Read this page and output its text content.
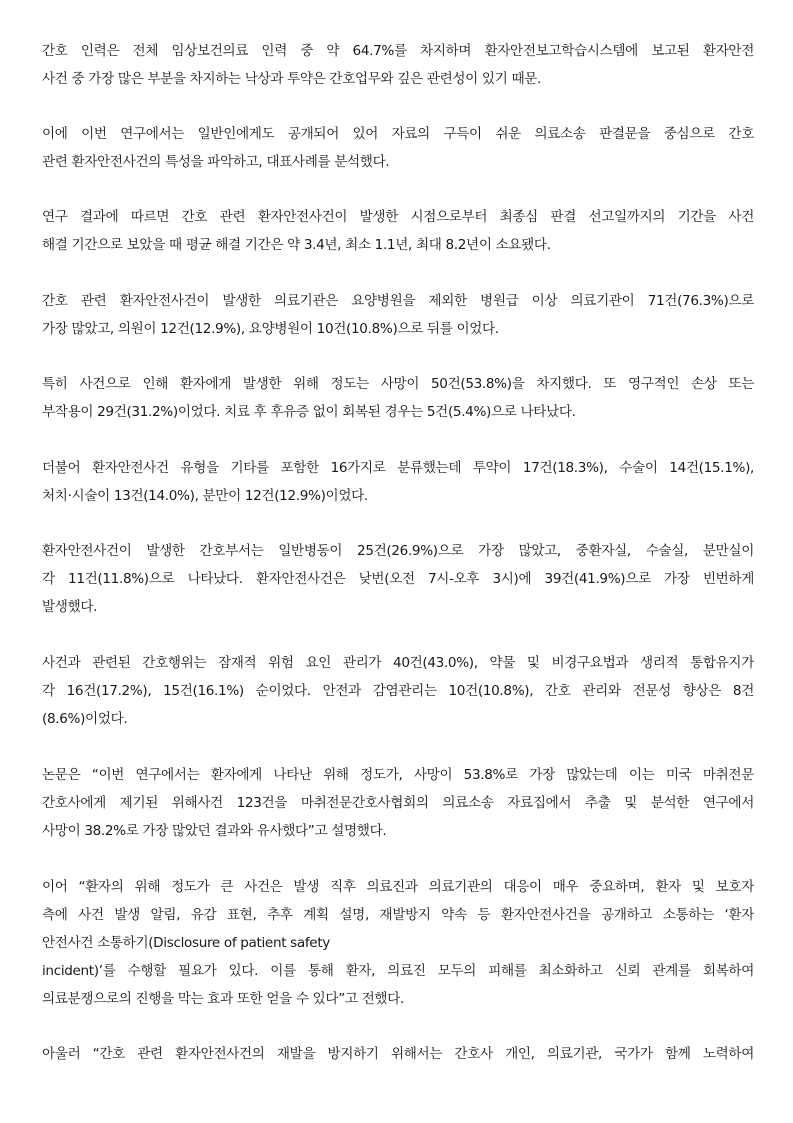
간호 인력은 전체 임상보건의료 인력 중 약 64.7%를 차지하며 환자안전보고학습시스템에 보고된 환자안전
사건 중 가장 많은 부분을 차지하는 낙상과 투약은 간호업무와 깊은 관련성이 있기 때문.

이에 이번 연구에서는 일반인에게도 공개되어 있어 자료의 구득이 쉬운 의료소송 판결문을 중심으로 간호
관련 환자안전사건의 특성을 파악하고, 대표사례를 분석했다.

연구 결과에 따르면 간호 관련 환자안전사건이 발생한 시점으로부터 최종심 판결 선고일까지의 기간을 사건
해결 기간으로 보았을 때 평균 해결 기간은 약 3.4년, 최소 1.1년, 최대 8.2년이 소요됐다.

간호 관련 환자안전사건이 발생한 의료기관은 요양병원을 제외한 병원급 이상 의료기관이 71건(76.3%)으로
가장 많았고, 의원이 12건(12.9%), 요양병원이 10건(10.8%)으로 뒤를 이었다.

특히 사건으로 인해 환자에게 발생한 위해 정도는 사망이 50건(53.8%)을 차지했다. 또 영구적인 손상 또는
부작용이 29건(31.2%)이었다. 치료 후 후유증 없이 회복된 경우는 5건(5.4%)으로 나타났다.

더불어 환자안전사건 유형을 기타를 포함한 16가지로 분류했는데 투약이 17건(18.3%), 수술이 14건(15.1%),
처치·시술이 13건(14.0%), 분만이 12건(12.9%)이었다.

환자안전사건이 발생한 간호부서는 일반병동이 25건(26.9%)으로 가장 많았고, 중환자실, 수술실, 분만실이
각 11건(11.8%)으로 나타났다. 환자안전사건은 낮번(오전 7시-오후 3시)에 39건(41.9%)으로 가장 빈번하게
발생했다.

사건과 관련된 간호행위는 잠재적 위험 요인 관리가 40건(43.0%), 약물 및 비경구요법과 생리적 통합유지가
각 16건(17.2%), 15건(16.1%) 순이었다. 안전과 감염관리는 10건(10.8%), 간호 관리와 전문성 향상은 8건
(8.6%)이었다.

논문은 “이번 연구에서는 환자에게 나타난 위해 정도가, 사망이 53.8%로 가장 많았는데 이는 미국 마취전문
간호사에게 제기된 위해사건 123건을 마취전문간호사협회의 의료소송 자료집에서 추출 및 분석한 연구에서
사망이 38.2%로 가장 많았던 결과와 유사했다”고 설명했다.

이어 “환자의 위해 정도가 큰 사건은 발생 직후 의료진과 의료기관의 대응이 매우 중요하며, 환자 및 보호자
측에 사건 발생 알림, 유감 표현, 추후 계획 설명, 재발방지 약속 등 환자안전사건을 공개하고 소통하는 ‘환자
안전사건 소통하기(Disclosure of patient safety
incident)’를 수행할 필요가 있다. 이를 통해 환자, 의료진 모두의 피해를 최소화하고 신뢰 관계를 회복하여
의료분쟁으로의 진행을 막는 효과 또한 얻을 수 있다”고 전했다.

아울러 “간호 관련 환자안전사건의 재발을 방지하기 위해서는 간호사 개인, 의료기관, 국가가 함께 노력하여
